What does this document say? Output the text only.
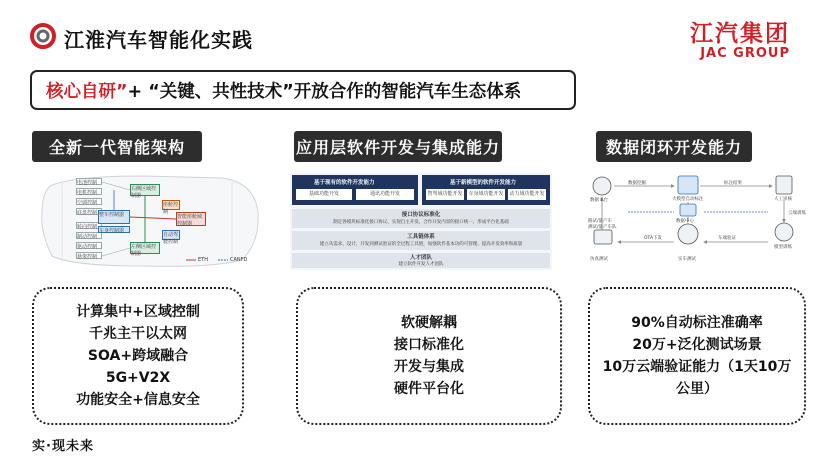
江淮汽车智能化实践	江汽集团
JAC GROUP
核心自研” + “关键、共性技术”开放合作的智能汽车生态体系
全新一代智能架构	应用层软件开发与集成能力	数据闭环开发能力
电池控制
电机控制
空调控制
底盘控制
转向控制
制动控制
驱动控制
悬架控制
右侧区域控制器
整车控制器
车身控制器
左侧区域控制器
智能座舱域控制器
座舱控制
自动驾驶控制
ETH	CANFD
基于现有的软件开发能力	基于新模型的软件开发能力
基础功能开发	通讯功能开发	智驾域功能开发	车身域功能开发	动力域功能开发
接口协议标准化
制定各模块标准化接口协议、实现自主开发、合作开发内容的接口统一、形成平台化基础
工具链体系
建立从需求、设计、开发到测试验证的全过程工具链，加强软件基本功的可管理、提高开发效率和质量
人才团队
建立软件开发人才团队
数据平台
数据挖掘
大模型自动标注
标注结果
人工审核
云端训练
模型训练
数据中心
车端验证
OTA下发
路试/量产车
测试/量产车队
仿真测试	实车测试
计算集中+区域控制
千兆主干以太网
SOA+跨域融合
5G+V2X
功能安全+信息安全
软硬解耦
接口标准化
开发与集成
硬件平台化
90%自动标注准确率
20万+泛化测试场景
10万云端验证能力（1天10万
公里）
实·现未来
